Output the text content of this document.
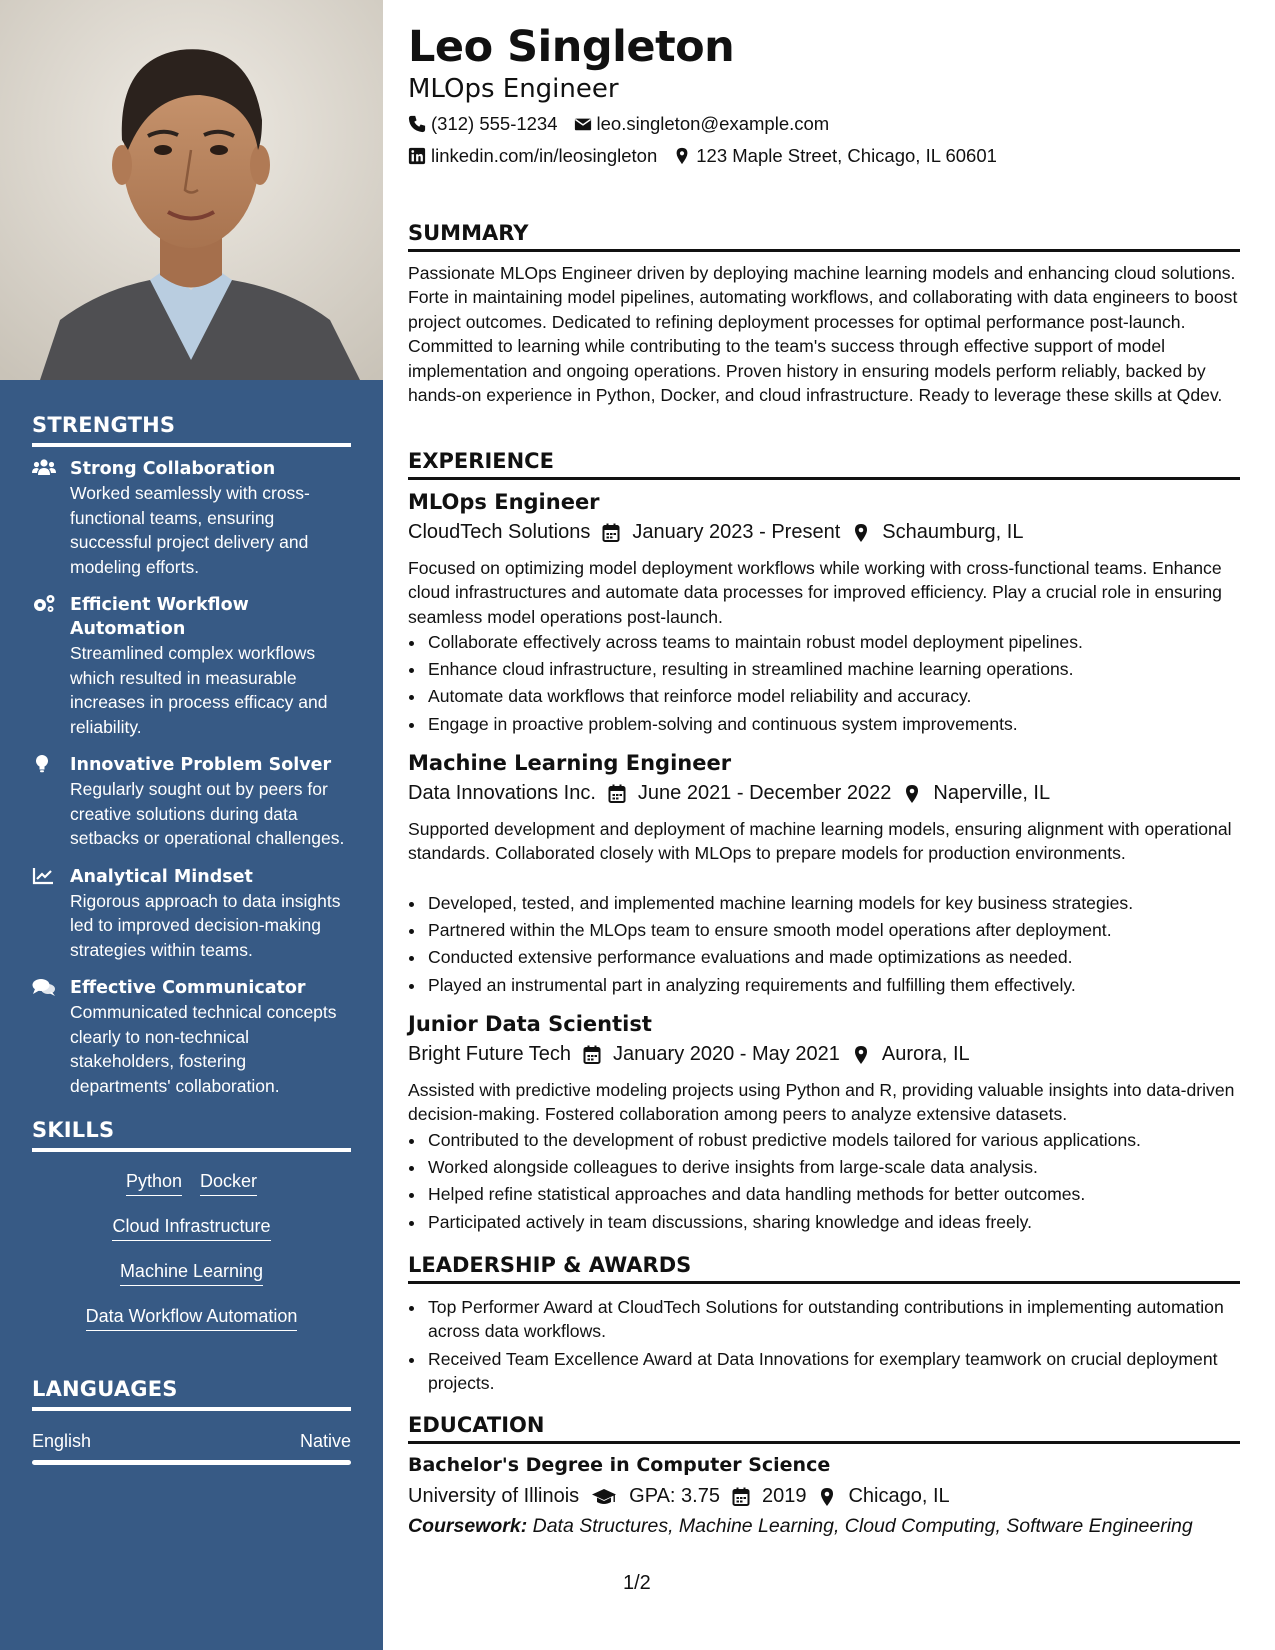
STRENGTHS
Strong Collaboration
Worked seamlessly with cross-functional teams, ensuring successful project delivery and modeling efforts.
Efficient Workflow Automation
Streamlined complex workflows which resulted in measurable increases in process efficacy and reliability.
Innovative Problem Solver
Regularly sought out by peers for creative solutions during data setbacks or operational challenges.
Analytical Mindset
Rigorous approach to data insights led to improved decision-making strategies within teams.
Effective Communicator
Communicated technical concepts clearly to non-technical stakeholders, fostering departments' collaboration.
SKILLS
Python Docker
Cloud Infrastructure
Machine Learning
Data Workflow Automation
LANGUAGES
English	Native
Leo Singleton
MLOps Engineer
(312) 555-1234 leo.singleton@example.com
linkedin.com/in/leosingleton 123 Maple Street, Chicago, IL 60601
SUMMARY
Passionate MLOps Engineer driven by deploying machine learning models and enhancing cloud solutions. Forte in maintaining model pipelines, automating workflows, and collaborating with data engineers to boost project outcomes. Dedicated to refining deployment processes for optimal performance post-launch. Committed to learning while contributing to the team's success through effective support of model implementation and ongoing operations. Proven history in ensuring models perform reliably, backed by hands-on experience in Python, Docker, and cloud infrastructure. Ready to leverage these skills at Qdev.
EXPERIENCE
MLOps Engineer
CloudTech Solutions January 2023 - Present Schaumburg, IL
Focused on optimizing model deployment workflows while working with cross-functional teams. Enhance cloud infrastructures and automate data processes for improved efficiency. Play a crucial role in ensuring seamless model operations post-launch.
• Collaborate effectively across teams to maintain robust model deployment pipelines.
• Enhance cloud infrastructure, resulting in streamlined machine learning operations.
• Automate data workflows that reinforce model reliability and accuracy.
• Engage in proactive problem-solving and continuous system improvements.
Machine Learning Engineer
Data Innovations Inc. June 2021 - December 2022 Naperville, IL
Supported development and deployment of machine learning models, ensuring alignment with operational standards. Collaborated closely with MLOps to prepare models for production environments.
• Developed, tested, and implemented machine learning models for key business strategies.
• Partnered within the MLOps team to ensure smooth model operations after deployment.
• Conducted extensive performance evaluations and made optimizations as needed.
• Played an instrumental part in analyzing requirements and fulfilling them effectively.
Junior Data Scientist
Bright Future Tech January 2020 - May 2021 Aurora, IL
Assisted with predictive modeling projects using Python and R, providing valuable insights into data-driven decision-making. Fostered collaboration among peers to analyze extensive datasets.
• Contributed to the development of robust predictive models tailored for various applications.
• Worked alongside colleagues to derive insights from large-scale data analysis.
• Helped refine statistical approaches and data handling methods for better outcomes.
• Participated actively in team discussions, sharing knowledge and ideas freely.
LEADERSHIP & AWARDS
• Top Performer Award at CloudTech Solutions for outstanding contributions in implementing automation across data workflows.
• Received Team Excellence Award at Data Innovations for exemplary teamwork on crucial deployment projects.
EDUCATION
Bachelor's Degree in Computer Science
University of Illinois	GPA: 3.75 2019 Chicago, IL
Coursework: Data Structures, Machine Learning, Cloud Computing, Software Engineering
1/2
